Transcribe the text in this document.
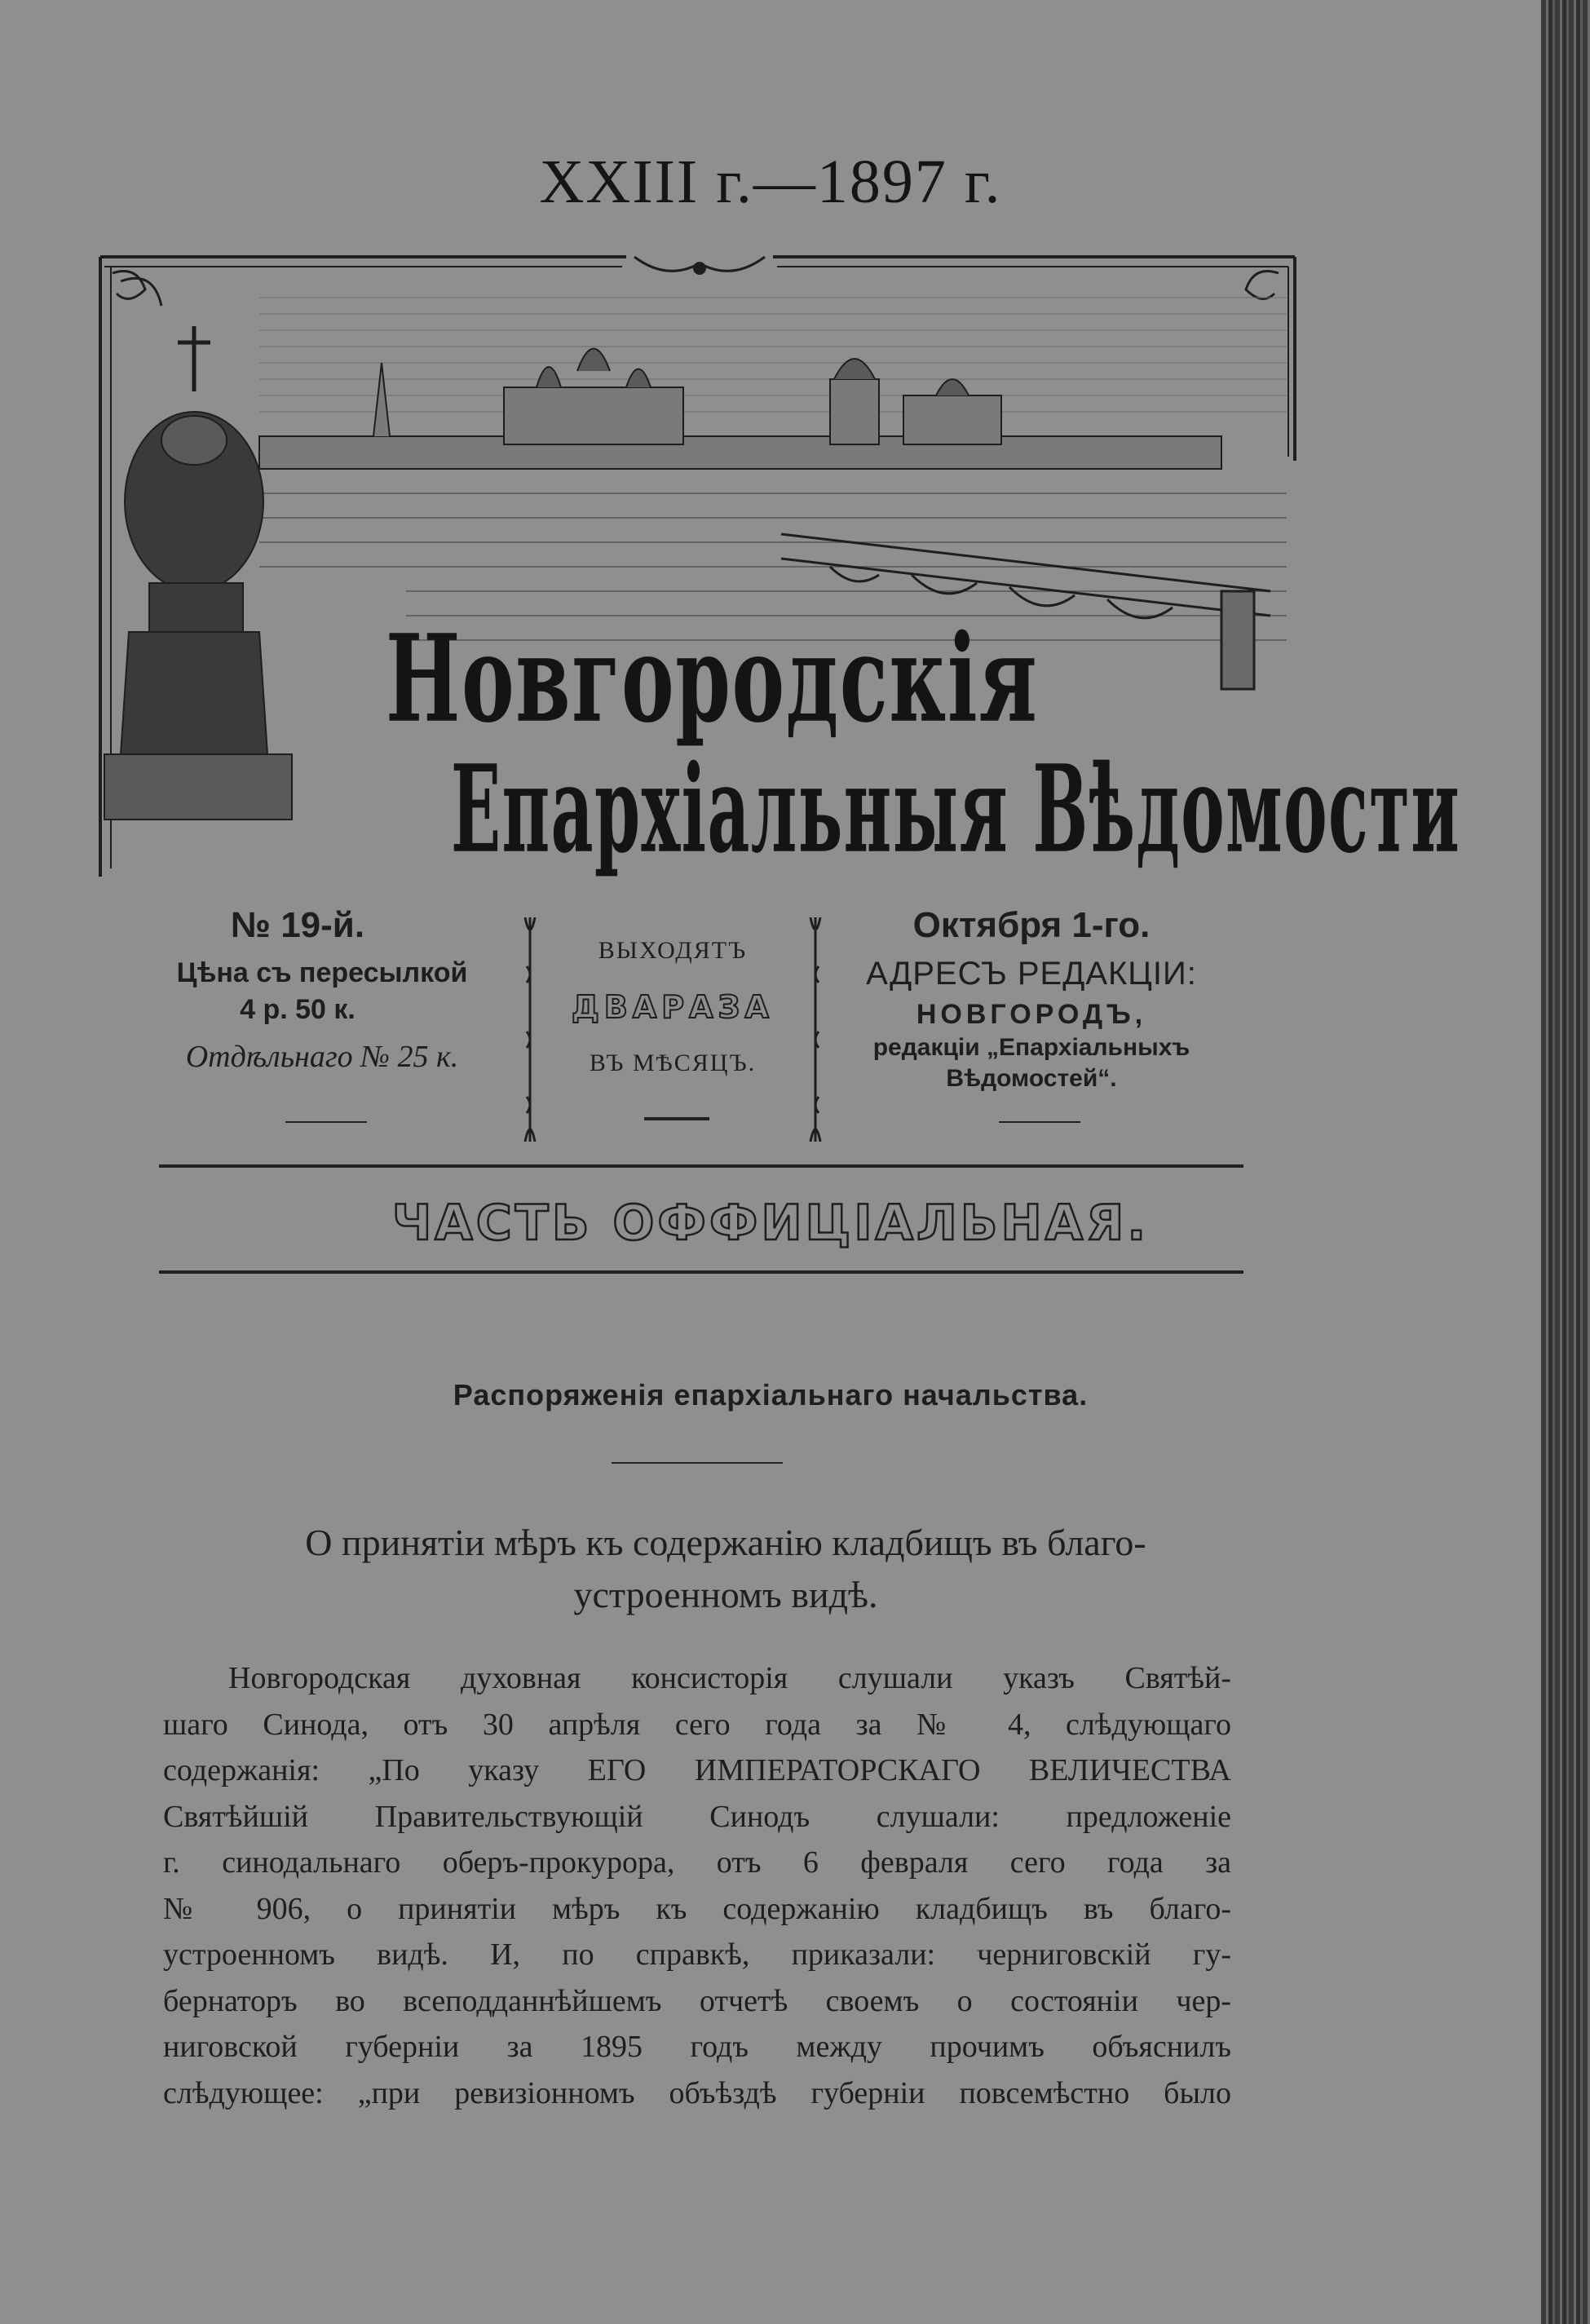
XXIII г.—1897 г.
Новгородскія
Епархіальныя Вѣдомости
№ 19-й.
Цѣна съ пересылкой
4 р. 50 к.
Отдѣльнаго № 25 к.
ВЫХОДЯТЪ
ДВАРАЗА
ВЪ МѢСЯЦЪ.
Октября 1-го.
АДРЕСЪ РЕДАКЦІИ:
НОВГОРОДЪ,
редакціи „Епархіальныхъ
Вѣдомостей“.
ЧАСТЬ ОФФИЦІАЛЬНАЯ.
Распоряженія епархіальнаго начальства.
О принятіи мѣръ къ содержанію кладбищъ въ благо-
устроенномъ видѣ.
Новгородская духовная консисторія слушали указъ Святѣй-
шаго Синода, отъ 30 апрѣля сего года за № 4, слѣдующаго
содержанія: „По указу ЕГО ИМПЕРАТОРСКАГО ВЕЛИЧЕСТВА
Святѣйшій Правительствующій Синодъ слушали: предложеніе
г. синодальнаго оберъ-прокурора, отъ 6 февраля сего года за
№ 906, о принятіи мѣръ къ содержанію кладбищъ въ благо-
устроенномъ видѣ. И, по справкѣ, приказали: черниговскій гу-
бернаторъ во всеподданнѣйшемъ отчетѣ своемъ о состояніи чер-
ниговской губерніи за 1895 годъ между прочимъ объяснилъ
слѣдующее: „при ревизіонномъ объѣздѣ губерніи повсемѣстно было
